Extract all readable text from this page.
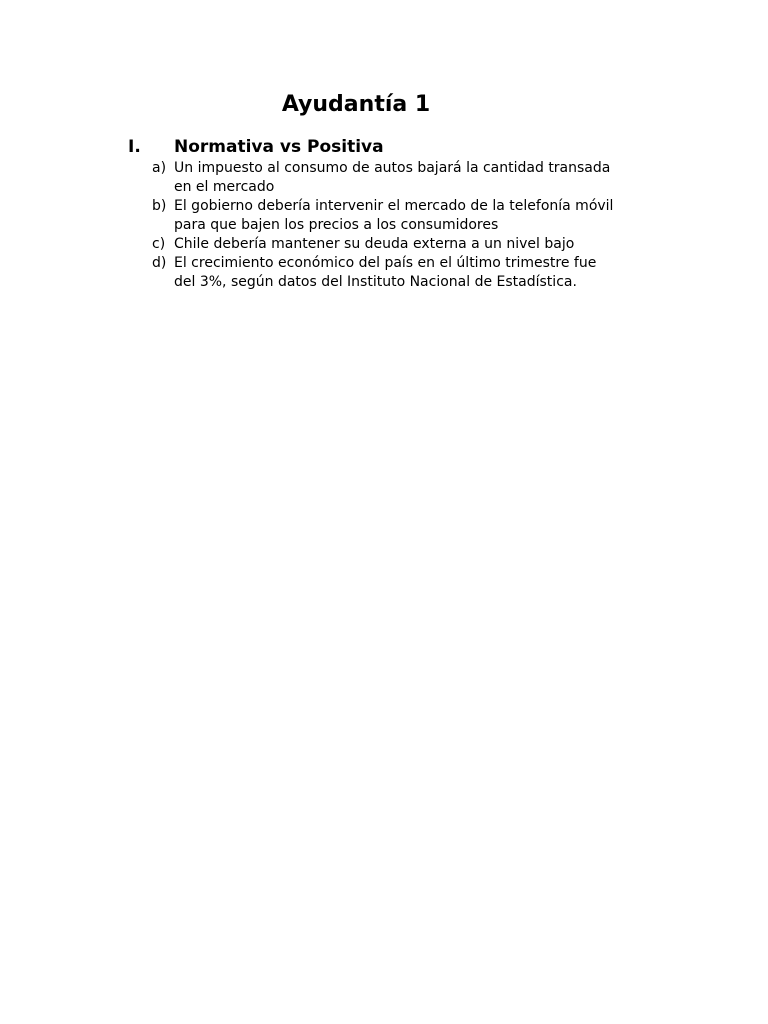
Ayudantía 1
I.	Normativa vs Positiva
a) Un impuesto al consumo de autos bajará la cantidad transada en el mercado
b) El gobierno debería intervenir el mercado de la telefonía móvil para que bajen los precios a los consumidores
c) Chile debería mantener su deuda externa a un nivel bajo
d) El crecimiento económico del país en el último trimestre fue del 3%, según datos del Instituto Nacional de Estadística.
